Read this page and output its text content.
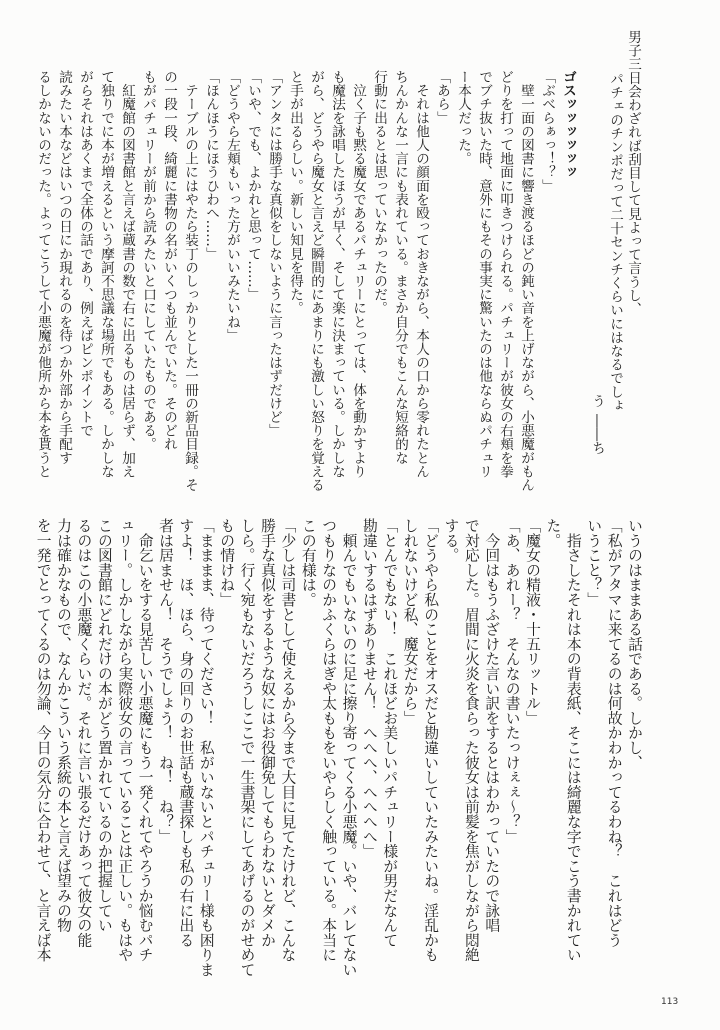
男子三日会わざれば刮目して見よって言うし、
パチェのチンポだって二十センチくらいにはなるでしょ
う――ち
ゴスッッッッッッ
「ぶべらぁっ！？」
　壁一面の図書に響き渡るほどの鈍い音を上げながら、小悪魔がもん
どりを打って地面に叩きつけられる。パチュリーが彼女の右頬を拳
でブチ抜いた時、意外にもその事実に驚いたのは他ならぬパチュリ
ー本人だった。
「あら」
　それは他人の顔面を殴っておきながら、本人の口から零れたとん
ちんかんな一言にも表れている。まさか自分でもこんな短絡的な
行動に出るとは思っていなかったのだ。
　泣く子も黙る魔女であるパチュリーにとっては、体を動かすより
も魔法を詠唱したほうが早く、そして楽に決まっている。しかしな
がら、どうやら魔女と言えど瞬間的にあまりにも激しい怒りを覚える
と手が出るらしい。新しい知見を得た。
「アンタには勝手な真似をしないように言ったはずだけど」
「いや、でも、よかれと思って……」
「どうやら左頬もいった方がいいみたいね」
「ほんほうにほうひわへ……」
　テーブルの上にはやたら装丁のしっかりとした一冊の新品目録。そ
の一段一段、綺麗に書物の名がいくつも並んでいた。そのどれ
もがパチュリーが前から読みたいと口にしていたものである。
　紅魔館の図書館と言えば蔵書の数で右に出るものは居らず、加え
て独りでに本が増えるという摩訶不思議な場所でもある。しかしな
がらそれはあくまで全体の話であり、例えばピンポイントで
読みたい本などはいつの日にか現れるのを待つか外部から手配す
るしかないのだった。よってこうして小悪魔が他所から本を貰うと
いうのはままある話である。しかし、
「私がアタマに来てるのは何故かわかってるわね？　これはどう
いうこと？」
　指さしたそれは本の背表紙、そこには綺麗な字でこう書かれてい
た。
「魔女の精液・十五リットル」
「あ、あれー？　そんなの書いたっけぇぇ〜？」
　今回はもうふざけた言い訳をするとはわかっていたので詠唱
で対応した。眉間に火炎を食らった彼女は前髪を焦がしながら悶絶
する。
「どうやら私のことをオスだと勘違いしていたみたいね。淫乱かも
しれないけど私、魔女だから」
「とんでもない！　これほどお美しいパチュリー様が男だなんて
勘違いするはずありません！　へへへ、へへへへ」
　頼んでもいないのに足に擦り寄ってくる小悪魔。いや、バレてない
つもりなのかふくらはぎや太ももをいやらしく触っている。本当に
この有様は。
「少しは司書として使えるから今まで大目に見てたけれど、こんな
勝手な真似をするような奴にはお役御免してもらわないとダメか
しら。行く宛もないだろうしここで一生書架にしてあげるのがせめて
もの情けね」
「まままま、待ってください！　私がいないとパチュリー様も困りま
すよ！　ほ、ほら、身の回りのお世話も蔵書探しも私の右に出る
者は居ません！　そうでしょう！　ね！　ね？」
　命乞いをする見苦しい小悪魔にもう一発くれてやろうか悩むパチ
ュリー。しかしながら実際彼女の言っていることは正しい。もはや
この図書館にどれだけの本がどう置かれているのか把握してい
るのはこの小悪魔くらいだ。それに言い張るだけあって彼女の能
力は確かなもので、なんかこういう系統の本と言えば望みの物
を一発でとってくるのは勿論、今日の気分に合わせて、と言えば本
113
